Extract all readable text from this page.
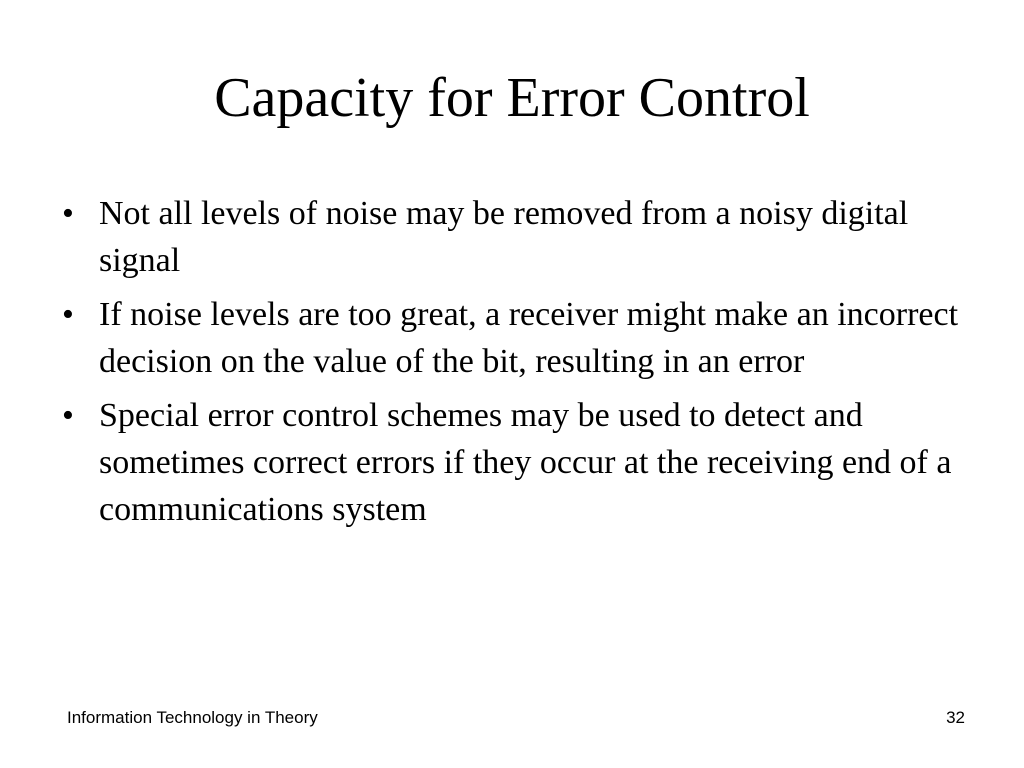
Capacity for Error Control
• Not all levels of noise may be removed from a noisy digital signal
• If noise levels are too great, a receiver might make an incorrect decision on the value of the bit, resulting in an error
• Special error control schemes may be used to detect and sometimes correct errors if they occur at the receiving end of a communications system
Information Technology in Theory	32
